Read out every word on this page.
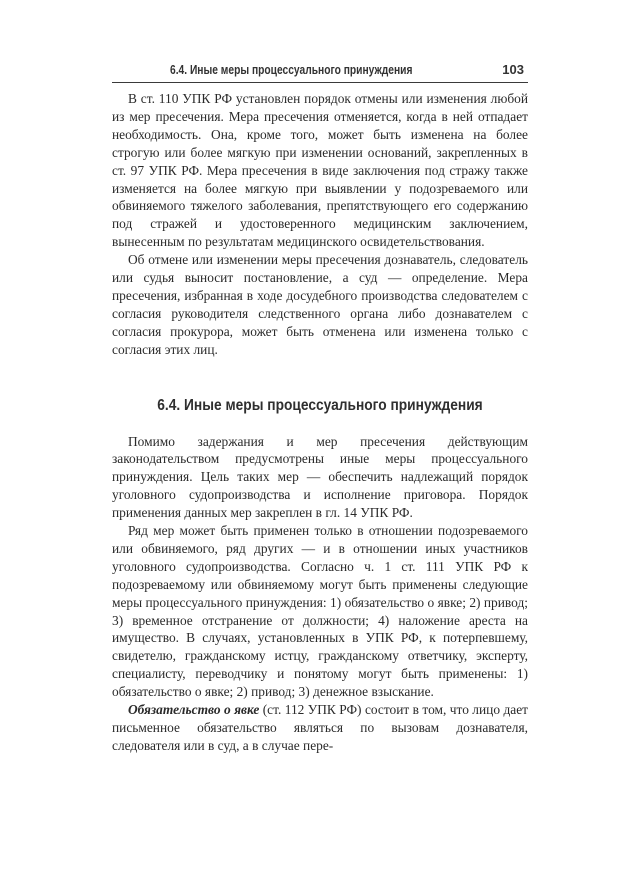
6.4. Иные меры процессуального принуждения	103

В ст. 110 УПК РФ установлен порядок отмены или изменения любой из мер пресечения. Мера пресечения отменяется, когда в ней отпадает необходимость. Она, кроме того, может быть изменена на более строгую или более мягкую при изменении оснований, закрепленных в ст. 97 УПК РФ. Мера пресечения в виде заключения под стражу также изменяется на более мягкую при выявлении у подозреваемого или обвиняемого тяжелого заболевания, препятствующего его содержанию под стражей и удостоверенного медицинским заключением, вынесенным по результатам медицинского освидетельствования.

Об отмене или изменении меры пресечения дознаватель, следователь или судья выносит постановление, а суд — определение. Мера пресечения, избранная в ходе досудебного производства следователем с согласия руководителя следственного органа либо дознавателем с согласия прокурора, может быть отменена или изменена только с согласия этих лиц.

6.4. Иные меры процессуального принуждения

Помимо задержания и мер пресечения действующим законодательством предусмотрены иные меры процессуального принуждения. Цель таких мер — обеспечить надлежащий порядок уголовного судопроизводства и исполнение приговора. Порядок применения данных мер закреплен в гл. 14 УПК РФ.

Ряд мер может быть применен только в отношении подозреваемого или обвиняемого, ряд других — и в отношении иных участников уголовного судопроизводства. Согласно ч. 1 ст. 111 УПК РФ к подозреваемому или обвиняемому могут быть применены следующие меры процессуального принуждения: 1) обязательство о явке; 2) привод; 3) временное отстранение от должности; 4) наложение ареста на имущество. В случаях, установленных в УПК РФ, к потерпевшему, свидетелю, гражданскому истцу, гражданскому ответчику, эксперту, специалисту, переводчику и понятому могут быть применены: 1) обязательство о явке; 2) привод; 3) денежное взыскание.

Обязательство о явке (ст. 112 УПК РФ) состоит в том, что лицо дает письменное обязательство являться по вызовам дознавателя, следователя или в суд, а в случае пере-
